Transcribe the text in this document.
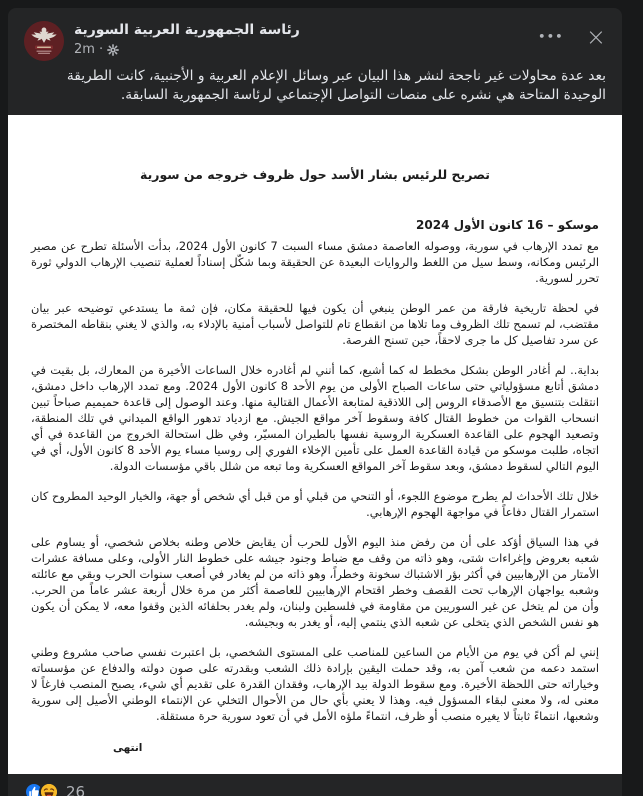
رئاسة الجمهورية العربية السورية
2m ·
••• ×
بعد عدة محاولات غير ناجحة لنشر هذا البيان عبر وسائل الإعلام العربية و الأجنبية، كانت الطريقة الوحيدة المتاحة هي نشره على منصات التواصل الإجتماعي لرئاسة الجمهورية السابقة.
تصريح للرئيس بشار الأسد حول ظروف خروجه من سورية
موسكو – 16 كانون الأول 2024

مع تمدد الإرهاب في سورية، ووصوله العاصمة دمشق مساء السبت 7 كانون الأول 2024، بدأت الأسئلة تطرح عن مصير الرئيس ومكانه، وسط سيل من اللغط والروايات البعيدة عن الحقيقة وبما شكّل إسناداً لعملية تنصيب الإرهاب الدولي ثورة تحرر لسورية.

في لحظة تاريخية فارقة من عمر الوطن ينبغي أن يكون فيها للحقيقة مكان، فإن ثمة ما يستدعي توضيحه عبر بيان مقتضب، لم تسمح تلك الظروف وما تلاها من انقطاع تام للتواصل لأسباب أمنية بالإدلاء به، والذي لا يغني بنقاطه المختصرة عن سرد تفاصيل كل ما جرى لاحقاً، حين تسنح الفرصة.

بداية.. لم أغادر الوطن بشكل مخطط له كما أشيع، كما أنني لم أغادره خلال الساعات الأخيرة من المعارك، بل بقيت في دمشق أتابع مسؤولياتي حتى ساعات الصباح الأولى من يوم الأحد 8 كانون الأول 2024. ومع تمدد الإرهاب داخل دمشق، انتقلت بتنسيق مع الأصدقاء الروس إلى اللاذقية لمتابعة الأعمال القتالية منها. وعند الوصول إلى قاعدة حميميم صباحاً تبين انسحاب القوات من خطوط القتال كافة وسقوط آخر مواقع الجيش. مع ازدياد تدهور الواقع الميداني في تلك المنطقة، وتصعيد الهجوم على القاعدة العسكرية الروسية نفسها بالطيران المسيّر، وفي ظل استحالة الخروج من القاعدة في أي اتجاه، طلبت موسكو من قيادة القاعدة العمل على تأمين الإخلاء الفوري إلى روسيا مساء يوم الأحد 8 كانون الأول، أي في اليوم التالي لسقوط دمشق، وبعد سقوط آخر المواقع العسكرية وما تبعه من شلل باقي مؤسسات الدولة.

خلال تلك الأحداث لم يطرح موضوع اللجوء، أو التنحي من قبلي أو من قبل أي شخص أو جهة، والخيار الوحيد المطروح كان استمرار القتال دفاعاً في مواجهة الهجوم الإرهابي.

في هذا السياق أؤكد على أن من رفض منذ اليوم الأول للحرب أن يقايض خلاص وطنه بخلاص شخصي، أو يساوم على شعبه بعروض وإغراءات شتى، وهو ذاته من وقف مع ضباط وجنود جيشه على خطوط النار الأولى، وعلى مسافة عشرات الأمتار من الإرهابيين في أكثر بؤر الاشتباك سخونة وخطراً، وهو ذاته من لم يغادر في أصعب سنوات الحرب وبقي مع عائلته وشعبه يواجهان الإرهاب تحت القصف وخطر اقتحام الإرهابيين للعاصمة أكثر من مرة خلال أربعة عشر عاماً من الحرب. وأن من لم يتخل عن غير السوريين من مقاومة في فلسطين ولبنان، ولم يغدر بحلفائه الذين وقفوا معه، لا يمكن أن يكون هو نفس الشخص الذي يتخلى عن شعبه الذي ينتمي إليه، أو يغدر به وبجيشه.

إنني لم أكن في يوم من الأيام من الساعين للمناصب على المستوى الشخصي، بل اعتبرت نفسي صاحب مشروع وطني استمد دعمه من شعب آمن به، وقد حملت اليقين بإرادة ذلك الشعب وبقدرته على صون دولته والدفاع عن مؤسساته وخياراته حتى اللحظة الأخيرة. ومع سقوط الدولة بيد الإرهاب، وفقدان القدرة على تقديم أي شيء، يصبح المنصب فارغاً لا معنى له، ولا معنى لبقاء المسؤول فيه. وهذا لا يعني بأي حال من الأحوال التخلي عن الإنتماء الوطني الأصيل إلى سورية وشعبها، انتماءً ثابتاً لا يغيره منصب أو ظرف، انتماءً ملؤه الأمل في أن تعود سورية حرة مستقلة.

انتهى
26
